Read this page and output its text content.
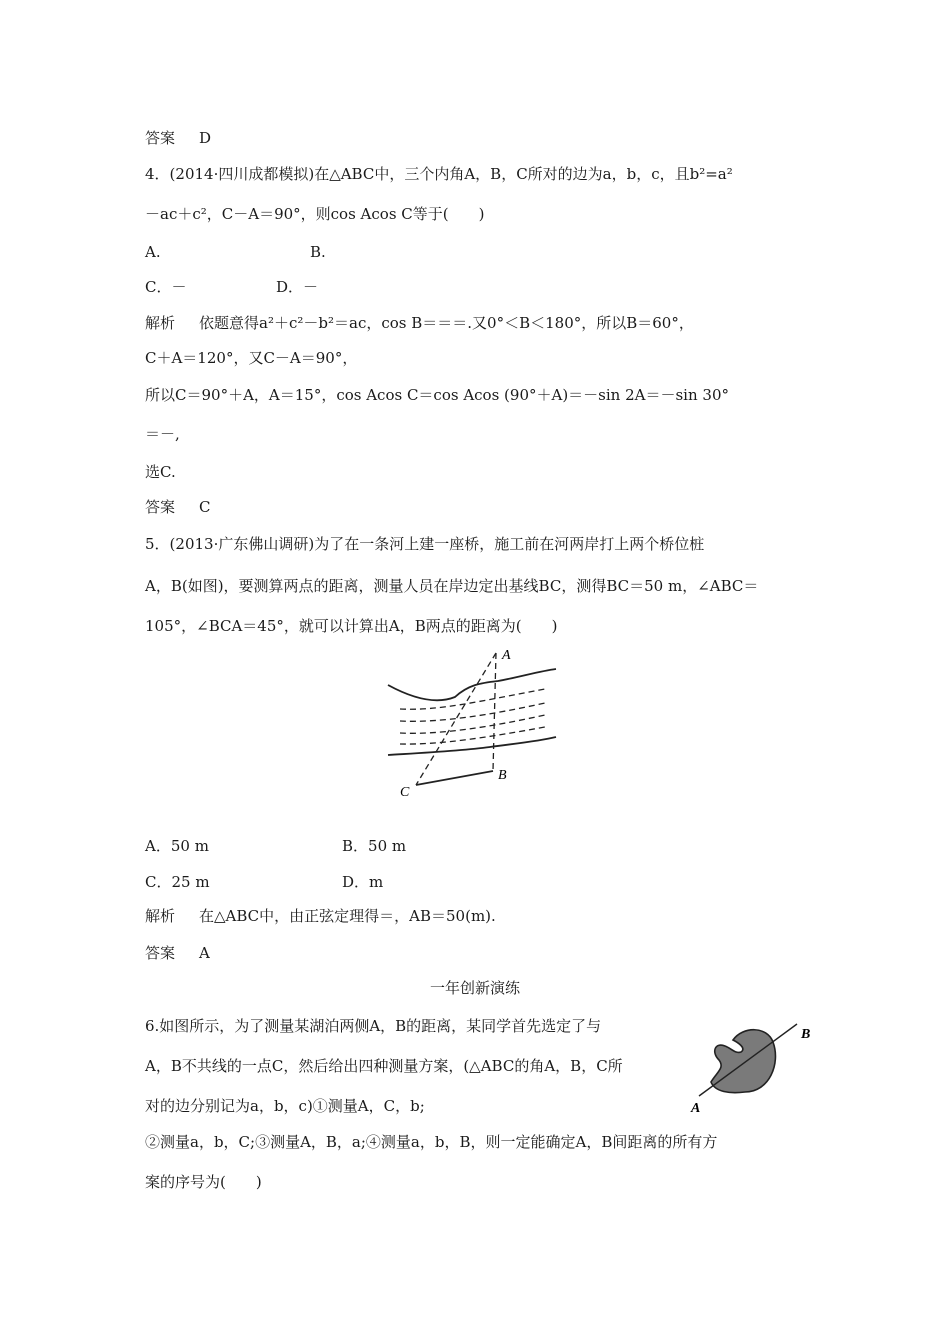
答案 D
4．(2014·四川成都模拟)在△ABC中，三个内角A，B，C所对的边为a，b，c，且b²=a²
－ac＋c²，C－A＝90°，则cos Acos C等于(　　)
A.	B.
C．－	D．－
解析 依题意得a²＋c²－b²＝ac，cos B＝＝＝.又0°＜B＜180°，所以B＝60°，
C＋A＝120°，又C－A＝90°，
所以C＝90°＋A，A＝15°，cos Acos C＝cos Acos (90°＋A)＝－sin 2A＝－sin 30°
＝－,
选C.
答案 C
5．(2013·广东佛山调研)为了在一条河上建一座桥，施工前在河两岸打上两个桥位桩
A，B(如图)，要测算两点的距离，测量人员在岸边定出基线BC，测得BC＝50 m，∠ABC＝
105°，∠BCA＝45°，就可以计算出A，B两点的距离为(　　)
A
B
C
A．50 m	B．50 m
C．25 m	D．m
解析 在△ABC中，由正弦定理得＝，AB＝50(m).
答案 A
一年创新演练
6.如图所示，为了测量某湖泊两侧A，B的距离，某同学首先选定了与
A，B不共线的一点C，然后给出四种测量方案，(△ABC的角A，B，C所
对的边分别记为a，b，c)①测量A，C，b;
②测量a，b，C;③测量A，B，a;④测量a，b，B，则一定能确定A，B间距离的所有方
案的序号为(　　)
B
A
